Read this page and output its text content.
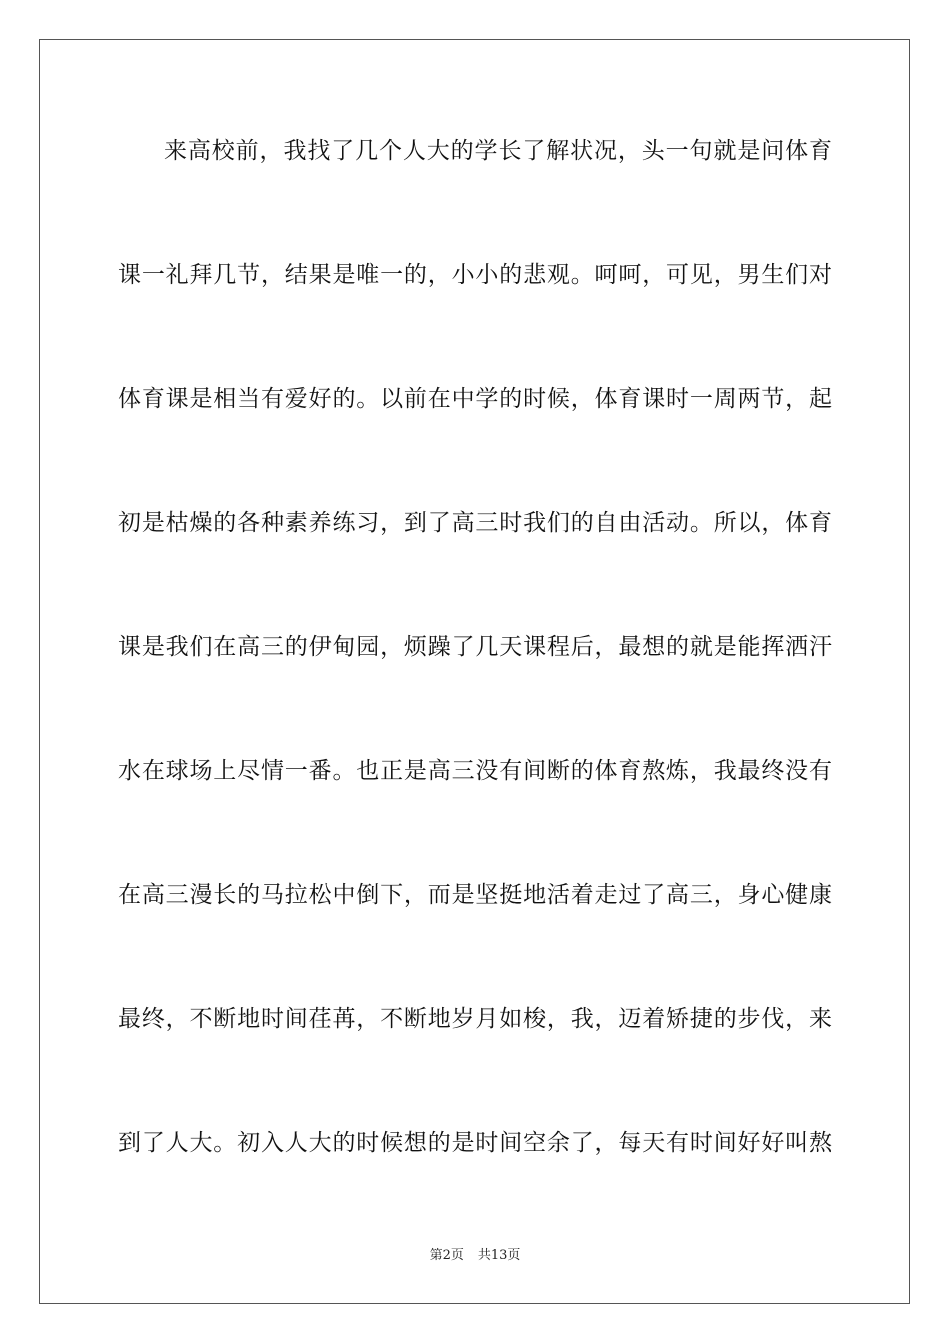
来高校前，我找了几个人大的学长了解状况，头一句就是问体育
课一礼拜几节，结果是唯一的，小小的悲观。呵呵，可见，男生们对
体育课是相当有爱好的。以前在中学的时候，体育课时一周两节，起
初是枯燥的各种素养练习，到了高三时我们的自由活动。所以，体育
课是我们在高三的伊甸园，烦躁了几天课程后，最想的就是能挥洒汗
水在球场上尽情一番。也正是高三没有间断的体育熬炼，我最终没有
在高三漫长的马拉松中倒下，而是坚挺地活着走过了高三，身心健康
最终，不断地时间荏苒，不断地岁月如梭，我，迈着矫捷的步伐，来
到了人大。初入人大的时候想的是时间空余了，每天有时间好好叫熬
第2页 共13页
